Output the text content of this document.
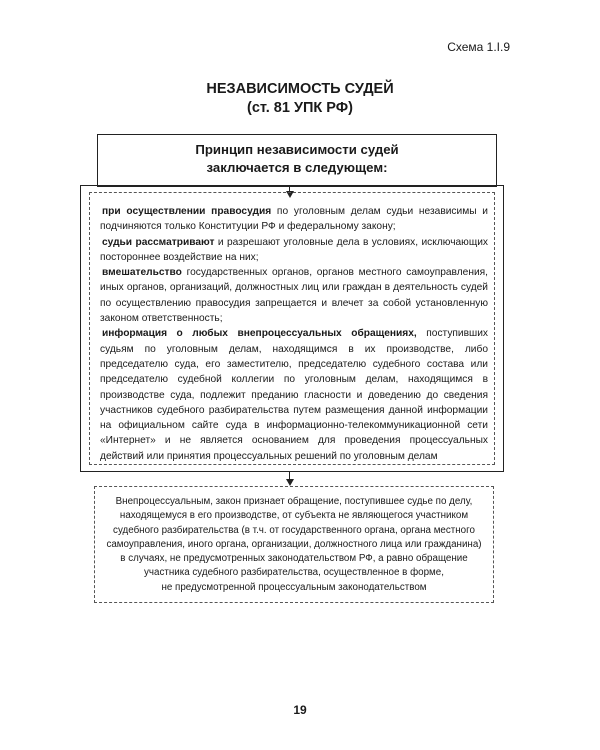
Схема 1.I.9
НЕЗАВИСИМОСТЬ СУДЕЙ
(ст. 81 УПК РФ)
Принцип независимости судей
заключается в следующем:

при осуществлении правосудия по уголовным делам судьи независимы и подчиняются только Конституции РФ и федеральному закону;

судьи рассматривают и разрешают уголовные дела в условиях, исключающих постороннее воздействие на них;

вмешательство государственных органов, органов местного самоуправления, иных органов, организаций, должностных лиц или граждан в деятельность судей по осуществлению правосудия запрещается и влечет за собой установленную законом ответственность;

информация о любых внепроцессуальных обращениях, поступивших судьям по уголовным делам, находящимся в их производстве, либо председателю суда, его заместителю, председателю судебного состава или председателю судебной коллегии по уголовным делам, находящимся в производстве суда, подлежит преданию гласности и доведению до сведения участников судебного разбирательства путем размещения данной информации на официальном сайте суда в информационно-телекоммуникационной сети «Интернет» и не является основанием для проведения процессуальных действий или принятия процессуальных решений по уголовным делам

Внепроцессуальным, закон признает обращение, поступившее судье по делу,
находящемуся в его производстве, от субъекта не являющегося участником
судебного разбирательства (в т.ч. от государственного органа, органа местного
самоуправления, иного органа, организации, должностного лица или гражданина)
в случаях, не предусмотренных законодательством РФ, а равно обращение
участника судебного разбирательства, осуществленное в форме,
не предусмотренной процессуальным законодательством
19
